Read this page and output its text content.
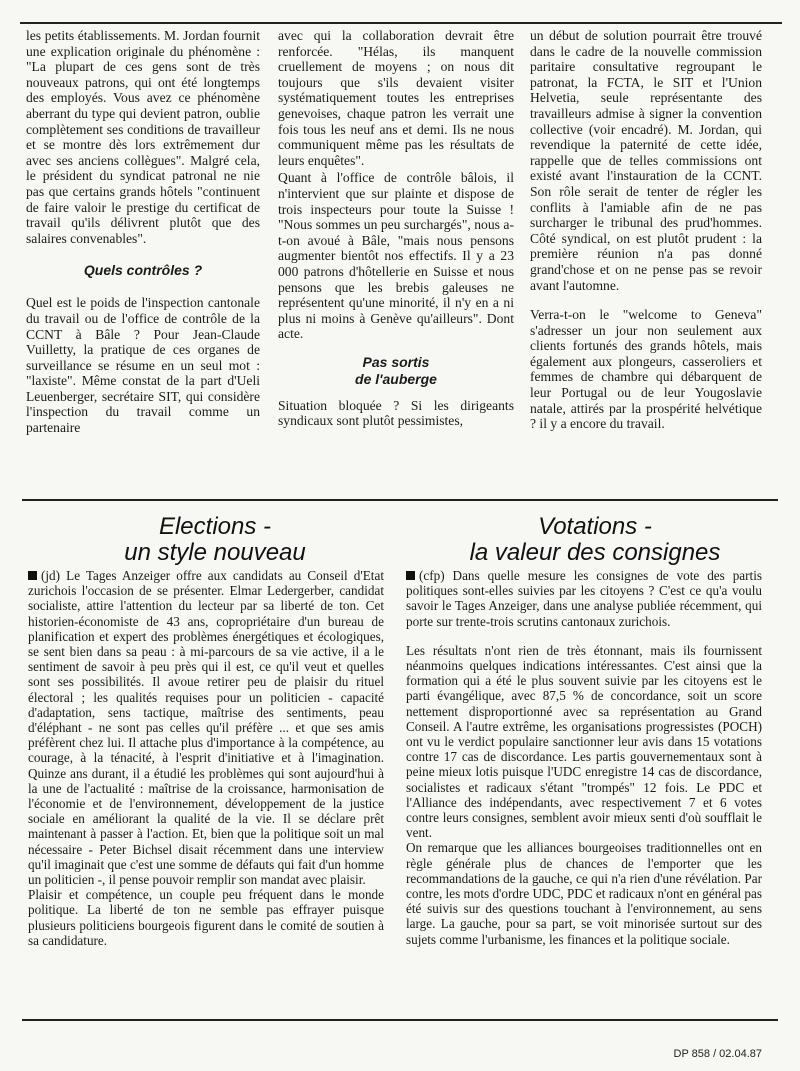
les petits établissements. M. Jordan fournit une explication originale du phénomène : "La plupart de ces gens sont de très nouveaux patrons, qui ont été longtemps des employés. Vous avez ce phénomène aberrant du type qui devient patron, oublie complètement ses conditions de travailleur et se montre dès lors extrêmement dur avec ses anciens collègues". Malgré cela, le président du syndicat patronal ne nie pas que certains grands hôtels "continuent de faire valoir le prestige du certificat de travail qu'ils délivrent plutôt que des salaires convenables".

Quels contrôles ?

Quel est le poids de l'inspection cantonale du travail ou de l'office de contrôle de la CCNT à Bâle ? Pour Jean-Claude Vuilletty, la pratique de ces organes de surveillance se résume en un seul mot : "laxiste". Même constat de la part d'Ueli Leuenberger, secrétaire SIT, qui considère l'inspection du travail comme un partenaire

avec qui la collaboration devrait être renforcée. "Hélas, ils manquent cruellement de moyens ; on nous dit toujours que s'ils devaient visiter systématiquement toutes les entreprises genevoises, chaque patron les verrait une fois tous les neuf ans et demi. Ils ne nous communiquent même pas les résultats de leurs enquêtes".

Quant à l'office de contrôle bâlois, il n'intervient que sur plainte et dispose de trois inspecteurs pour toute la Suisse ! "Nous sommes un peu surchargés", nous a-t-on avoué à Bâle, "mais nous pensons augmenter bientôt nos effectifs. Il y a 23 000 patrons d'hôtellerie en Suisse et nous pensons que les brebis galeuses ne représentent qu'une minorité, il n'y en a ni plus ni moins à Genève qu'ailleurs". Dont acte.

Pas sortis
de l'auberge

Situation bloquée ? Si les dirigeants syndicaux sont plutôt pessimistes,

un début de solution pourrait être trouvé dans le cadre de la nouvelle commission paritaire consultative regroupant le patronat, la FCTA, le SIT et l'Union Helvetia, seule représentante des travailleurs admise à signer la convention collective (voir encadré). M. Jordan, qui revendique la paternité de cette idée, rappelle que de telles commissions ont existé avant l'instauration de la CCNT. Son rôle serait de tenter de régler les conflits à l'amiable afin de ne pas surcharger le tribunal des prud'hommes. Côté syndical, on est plutôt prudent : la première réunion n'a pas donné grand'chose et on ne pense pas se revoir avant l'automne.

Verra-t-on le "welcome to Geneva" s'adresser un jour non seulement aux clients fortunés des grands hôtels, mais également aux plongeurs, casseroliers et femmes de chambre qui débarquent de leur Portugal ou de leur Yougoslavie natale, attirés par la prospérité helvétique ? il y a encore du travail.

Elections -
un style nouveau

(jd) Le Tages Anzeiger offre aux candidats au Conseil d'Etat zurichois l'occasion de se présenter. Elmar Ledergerber, candidat socialiste, attire l'attention du lecteur par sa liberté de ton. Cet historien-économiste de 43 ans, copropriétaire d'un bureau de planification et expert des problèmes énergétiques et écologiques, se sent bien dans sa peau : à mi-parcours de sa vie active, il a le sentiment de savoir à peu près qui il est, ce qu'il veut et quelles sont ses possibilités. Il avoue retirer peu de plaisir du rituel électoral ; les qualités requises pour un politicien - capacité d'adaptation, sens tactique, maîtrise des sentiments, peau d'éléphant - ne sont pas celles qu'il préfère ... et que ses amis préfèrent chez lui. Il attache plus d'importance à la compétence, au courage, à la ténacité, à l'esprit d'initiative et à l'imagination. Quinze ans durant, il a étudié les problèmes qui sont aujourd'hui à la une de l'actualité : maîtrise de la croissance, harmonisation de l'économie et de l'environnement, développement de la justice sociale en améliorant la qualité de la vie. Il se déclare prêt maintenant à passer à l'action. Et, bien que la politique soit un mal nécessaire - Peter Bichsel disait récemment dans une interview qu'il imaginait que c'est une somme de défauts qui fait d'un homme un politicien -, il pense pouvoir remplir son mandat avec plaisir.

Plaisir et compétence, un couple peu fréquent dans le monde politique. La liberté de ton ne semble pas effrayer puisque plusieurs politiciens bourgeois figurent dans le comité de soutien à sa candidature.

Votations -
la valeur des consignes

(cfp) Dans quelle mesure les consignes de vote des partis politiques sont-elles suivies par les citoyens ? C'est ce qu'a voulu savoir le Tages Anzeiger, dans une analyse publiée récemment, qui porte sur trente-trois scrutins cantonaux zurichois.

Les résultats n'ont rien de très étonnant, mais ils fournissent néanmoins quelques indications intéressantes. C'est ainsi que la formation qui a été le plus souvent suivie par les citoyens est le parti évangélique, avec 87,5 % de concordance, soit un score nettement disproportionné avec sa représentation au Grand Conseil. A l'autre extrême, les organisations progressistes (POCH) ont vu le verdict populaire sanctionner leur avis dans 15 votations contre 17 cas de discordance. Les partis gouvernementaux sont à peine mieux lotis puisque l'UDC enregistre 14 cas de discordance, socialistes et radicaux s'étant "trompés" 12 fois. Le PDC et l'Alliance des indépendants, avec respectivement 7 et 6 votes contre leurs consignes, semblent avoir mieux senti d'où soufflait le vent.

On remarque que les alliances bourgeoises traditionnelles ont en règle générale plus de chances de l'emporter que les recommandations de la gauche, ce qui n'a rien d'une révélation. Par contre, les mots d'ordre UDC, PDC et radicaux n'ont en général pas été suivis sur des questions touchant à l'environnement, au sens large. La gauche, pour sa part, se voit minorisée surtout sur des sujets comme l'urbanisme, les finances et la politique sociale.

DP 858 / 02.04.87
